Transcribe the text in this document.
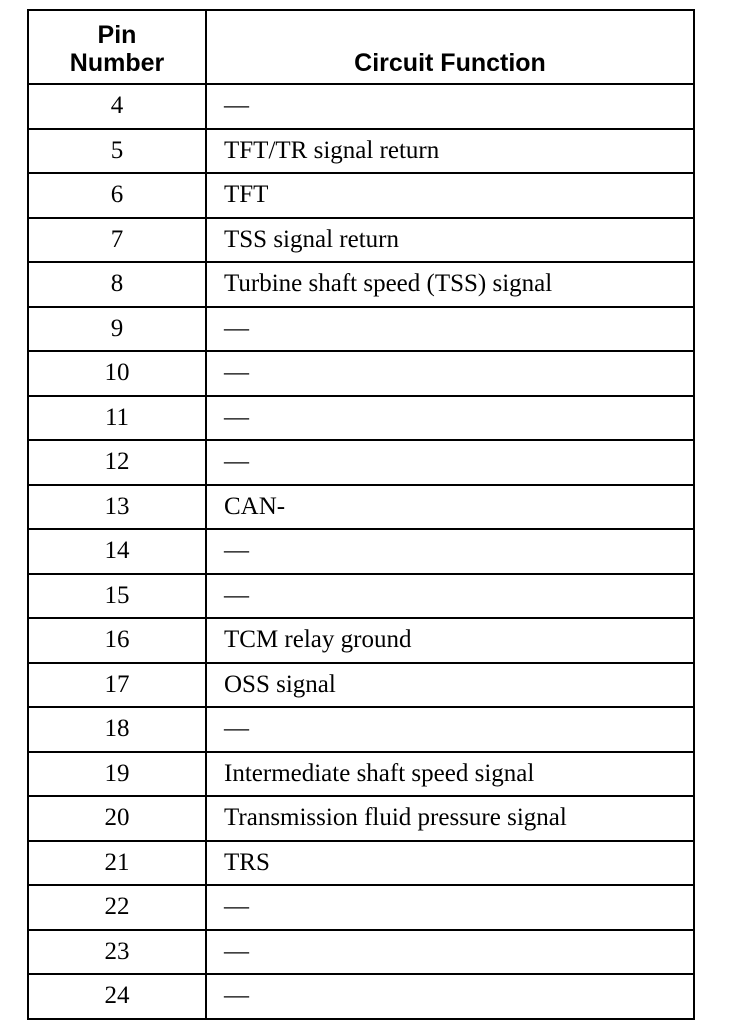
Pin
Number	Circuit Function
4	—
5	TFT/TR signal return
6	TFT
7	TSS signal return
8	Turbine shaft speed (TSS) signal
9	—
10	—
11	—
12	—
13	CAN-
14	—
15	—
16	TCM relay ground
17	OSS signal
18	—
19	Intermediate shaft speed signal
20	Transmission fluid pressure signal
21	TRS
22	—
23	—
24	—
